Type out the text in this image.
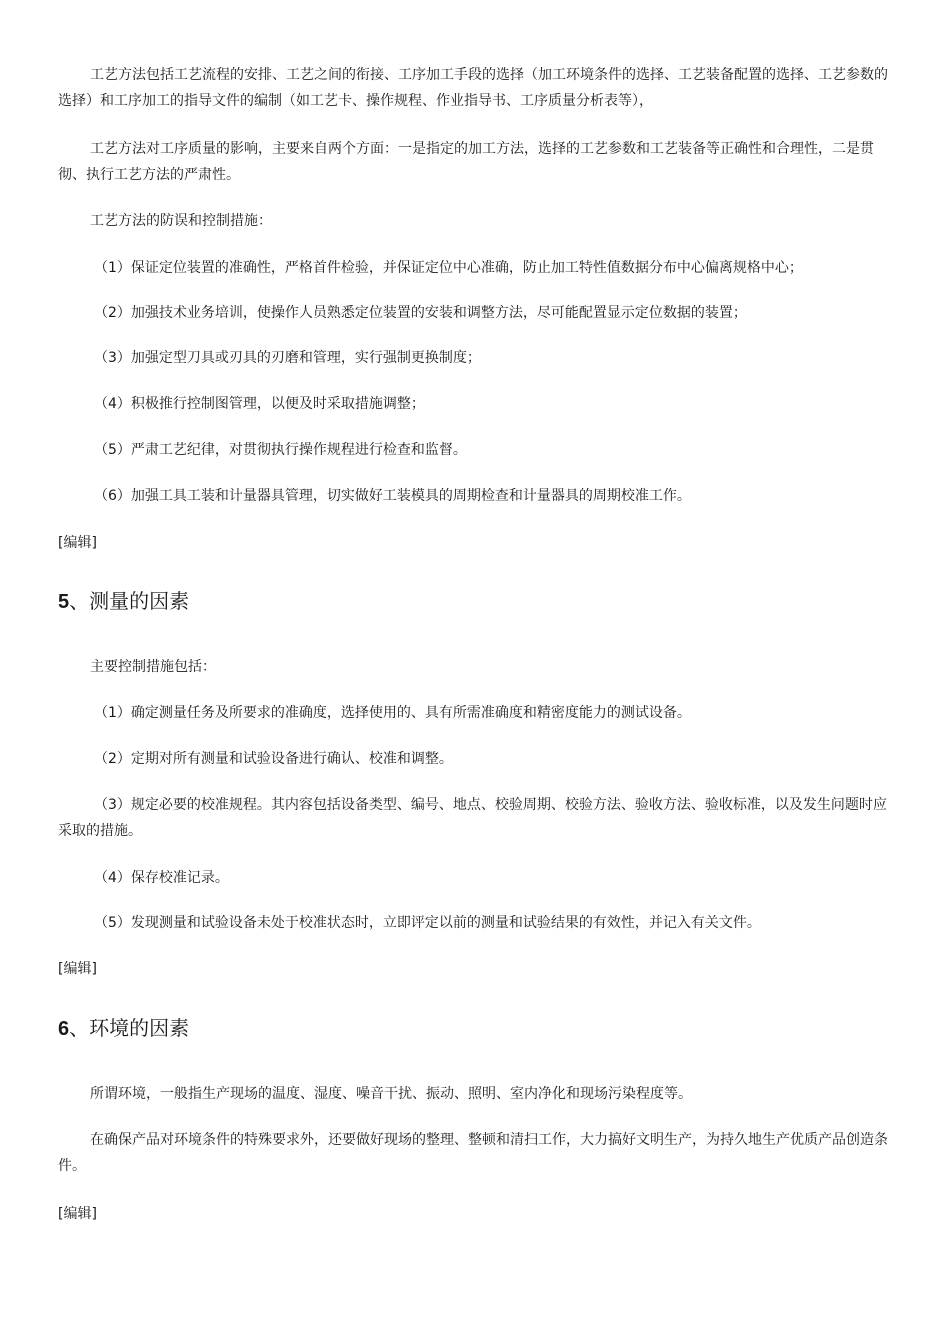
工艺方法包括工艺流程的安排、工艺之间的衔接、工序加工手段的选择（加工环境条件的选择、工艺装备配置的选择、工艺参数的选择）和工序加工的指导文件的编制（如工艺卡、操作规程、作业指导书、工序质量分析表等），

工艺方法对工序质量的影响，主要来自两个方面：一是指定的加工方法，选择的工艺参数和工艺装备等正确性和合理性，二是贯彻、执行工艺方法的严肃性。

工艺方法的防误和控制措施：

（1）保证定位装置的准确性，严格首件检验，并保证定位中心准确，防止加工特性值数据分布中心偏离规格中心；

（2）加强技术业务培训，使操作人员熟悉定位装置的安装和调整方法，尽可能配置显示定位数据的装置；

（3）加强定型刀具或刃具的刃磨和管理，实行强制更换制度；

（4）积极推行控制图管理，以便及时采取措施调整；

（5）严肃工艺纪律，对贯彻执行操作规程进行检查和监督。

（6）加强工具工装和计量器具管理，切实做好工装模具的周期检查和计量器具的周期校准工作。

[编辑]

5、测量的因素

主要控制措施包括：

（1）确定测量任务及所要求的准确度，选择使用的、具有所需准确度和精密度能力的测试设备。

（2）定期对所有测量和试验设备进行确认、校准和调整。

（3）规定必要的校准规程。其内容包括设备类型、编号、地点、校验周期、校验方法、验收方法、验收标准，以及发生问题时应采取的措施。

（4）保存校准记录。

（5）发现测量和试验设备未处于校准状态时，立即评定以前的测量和试验结果的有效性，并记入有关文件。

[编辑]

6、环境的因素

所谓环境，一般指生产现场的温度、湿度、噪音干扰、振动、照明、室内净化和现场污染程度等。

在确保产品对环境条件的特殊要求外，还要做好现场的整理、整顿和清扫工作，大力搞好文明生产，为持久地生产优质产品创造条件。

[编辑]
